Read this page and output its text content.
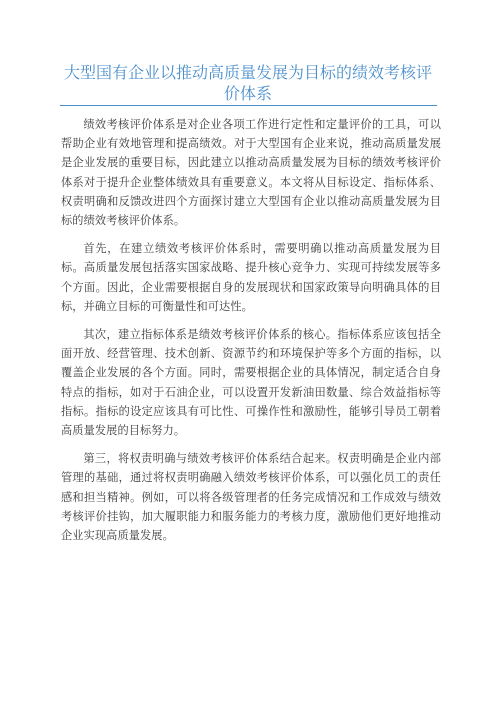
大型国有企业以推动高质量发展为目标的绩效考核评价体系

绩效考核评价体系是对企业各项工作进行定性和定量评价的工具，可以帮助企业有效地管理和提高绩效。对于大型国有企业来说，推动高质量发展是企业发展的重要目标，因此建立以推动高质量发展为目标的绩效考核评价体系对于提升企业整体绩效具有重要意义。本文将从目标设定、指标体系、权责明确和反馈改进四个方面探讨建立大型国有企业以推动高质量发展为目标的绩效考核评价体系。

首先，在建立绩效考核评价体系时，需要明确以推动高质量发展为目标。高质量发展包括落实国家战略、提升核心竞争力、实现可持续发展等多个方面。因此，企业需要根据自身的发展现状和国家政策导向明确具体的目标，并确立目标的可衡量性和可达性。

其次，建立指标体系是绩效考核评价体系的核心。指标体系应该包括全面开放、经营管理、技术创新、资源节约和环境保护等多个方面的指标，以覆盖企业发展的各个方面。同时，需要根据企业的具体情况，制定适合自身特点的指标，如对于石油企业，可以设置开发新油田数量、综合效益指标等指标。指标的设定应该具有可比性、可操作性和激励性，能够引导员工朝着高质量发展的目标努力。

第三，将权责明确与绩效考核评价体系结合起来。权责明确是企业内部管理的基础，通过将权责明确融入绩效考核评价体系，可以强化员工的责任感和担当精神。例如，可以将各级管理者的任务完成情况和工作成效与绩效考核评价挂钩，加大履职能力和服务能力的考核力度，激励他们更好地推动企业实现高质量发展。
